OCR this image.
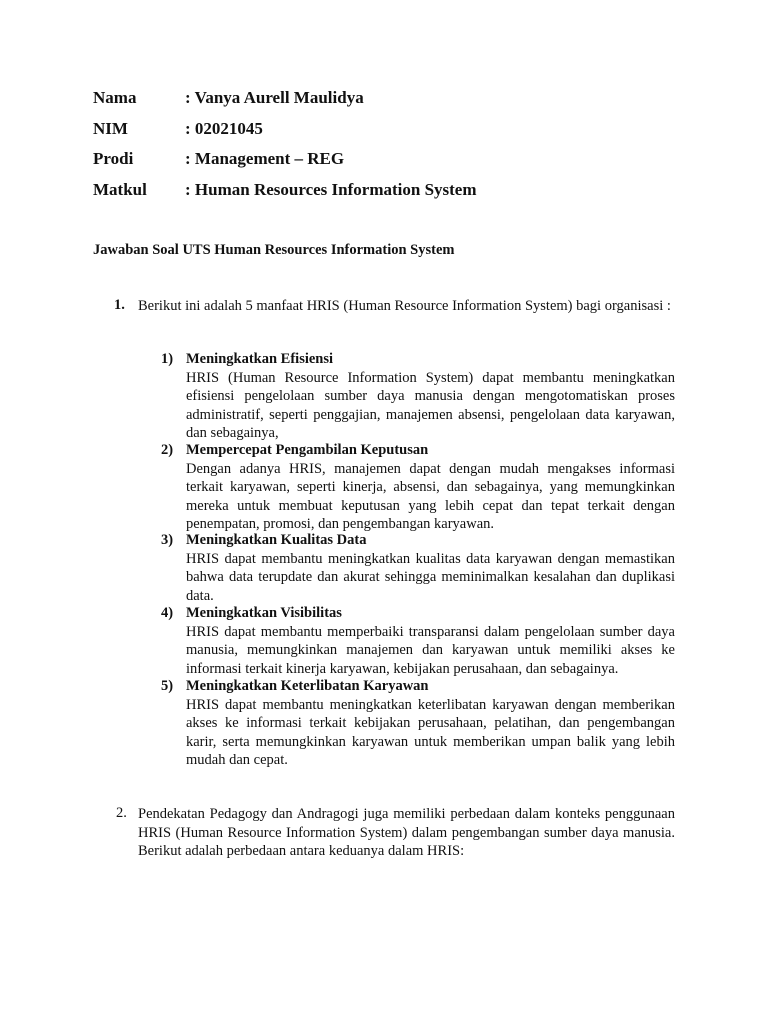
Nama	: Vanya Aurell Maulidya
NIM	: 02021045
Prodi	: Management – REG
Matkul : Human Resources Information System
Jawaban Soal UTS Human Resources Information System
1. Berikut ini adalah 5 manfaat HRIS (Human Resource Information System) bagi organisasi :
1) Meningkatkan Efisiensi
HRIS (Human Resource Information System) dapat membantu meningkatkan efisiensi pengelolaan sumber daya manusia dengan mengotomatiskan proses administratif, seperti penggajian, manajemen absensi, pengelolaan data karyawan, dan sebagainya,
2) Mempercepat Pengambilan Keputusan
Dengan adanya HRIS, manajemen dapat dengan mudah mengakses informasi terkait karyawan, seperti kinerja, absensi, dan sebagainya, yang memungkinkan mereka untuk membuat keputusan yang lebih cepat dan tepat terkait dengan penempatan, promosi, dan pengembangan karyawan.
3) Meningkatkan Kualitas Data
HRIS dapat membantu meningkatkan kualitas data karyawan dengan memastikan bahwa data terupdate dan akurat sehingga meminimalkan kesalahan dan duplikasi data.
4) Meningkatkan Visibilitas
HRIS dapat membantu memperbaiki transparansi dalam pengelolaan sumber daya manusia, memungkinkan manajemen dan karyawan untuk memiliki akses ke informasi terkait kinerja karyawan, kebijakan perusahaan, dan sebagainya.
5) Meningkatkan Keterlibatan Karyawan
HRIS dapat membantu meningkatkan keterlibatan karyawan dengan memberikan akses ke informasi terkait kebijakan perusahaan, pelatihan, dan pengembangan karir, serta memungkinkan karyawan untuk memberikan umpan balik yang lebih mudah dan cepat.
2. Pendekatan Pedagogy dan Andragogi juga memiliki perbedaan dalam konteks penggunaan HRIS (Human Resource Information System) dalam pengembangan sumber daya manusia. Berikut adalah perbedaan antara keduanya dalam HRIS:
